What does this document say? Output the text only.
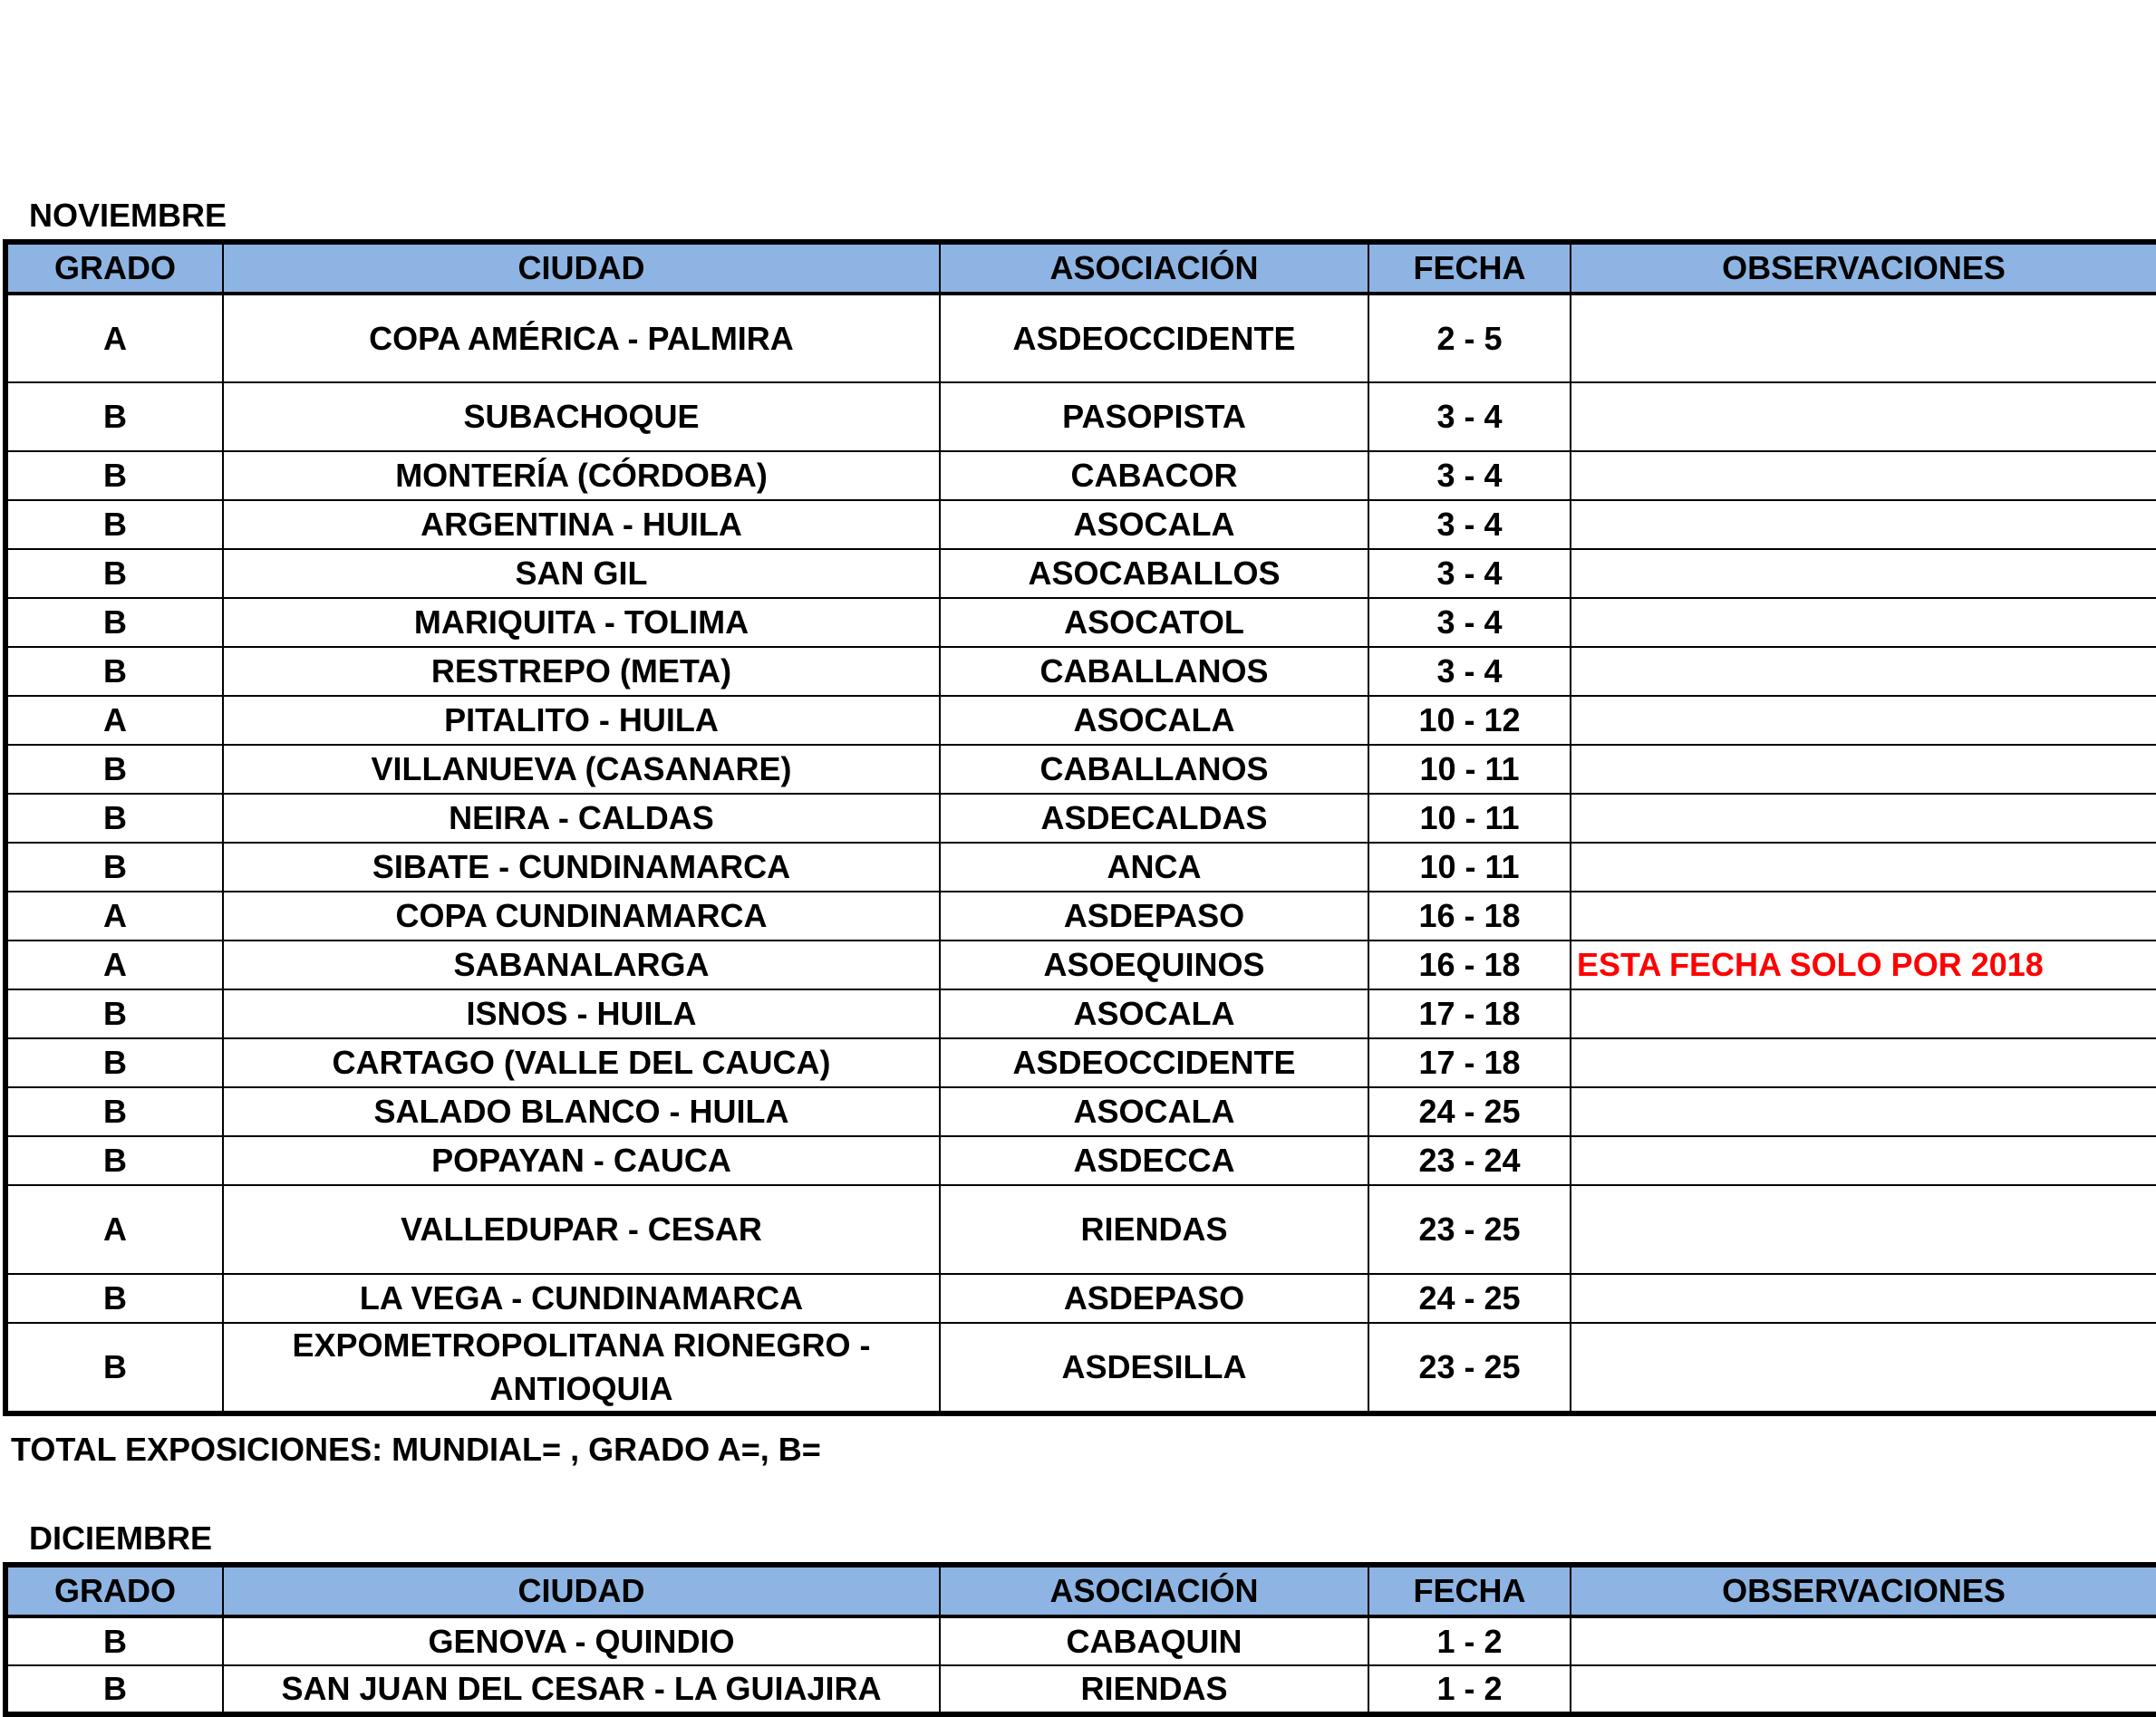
NOVIEMBRE
GRADO	CIUDAD	ASOCIACIÓN	FECHA	OBSERVACIONES
A	COPA AMÉRICA - PALMIRA	ASDEOCCIDENTE	2 - 5	
B	SUBACHOQUE	PASOPISTA	3 - 4	
B	MONTERÍA (CÓRDOBA)	CABACOR	3 - 4	
B	ARGENTINA - HUILA	ASOCALA	3 - 4	
B	SAN GIL	ASOCABALLOS	3 - 4	
B	MARIQUITA - TOLIMA	ASOCATOL	3 - 4	
B	RESTREPO (META)	CABALLANOS	3 - 4	
A	PITALITO - HUILA	ASOCALA	10 - 12	
B	VILLANUEVA (CASANARE)	CABALLANOS	10 - 11	
B	NEIRA - CALDAS	ASDECALDAS	10 - 11	
B	SIBATE - CUNDINAMARCA	ANCA	10 - 11	
A	COPA CUNDINAMARCA	ASDEPASO	16 - 18	
A	SABANALARGA	ASOEQUINOS	16 - 18	ESTA FECHA SOLO POR 2018
B	ISNOS - HUILA	ASOCALA	17 - 18	
B	CARTAGO (VALLE DEL CAUCA)	ASDEOCCIDENTE	17 - 18	
B	SALADO BLANCO - HUILA	ASOCALA	24 - 25	
B	POPAYAN - CAUCA	ASDECCA	23 - 24	
A	VALLEDUPAR - CESAR	RIENDAS	23 - 25	
B	LA VEGA - CUNDINAMARCA	ASDEPASO	24 - 25	
B	EXPOMETROPOLITANA RIONEGRO - ANTIOQUIA	ASDESILLA	23 - 25	
TOTAL EXPOSICIONES: MUNDIAL= , GRADO A=, B=
DICIEMBRE
GRADO	CIUDAD	ASOCIACIÓN	FECHA	OBSERVACIONES
B	GENOVA - QUINDIO	CABAQUIN	1 - 2	
B	SAN JUAN DEL CESAR - LA GUIAJIRA	RIENDAS	1 - 2	
